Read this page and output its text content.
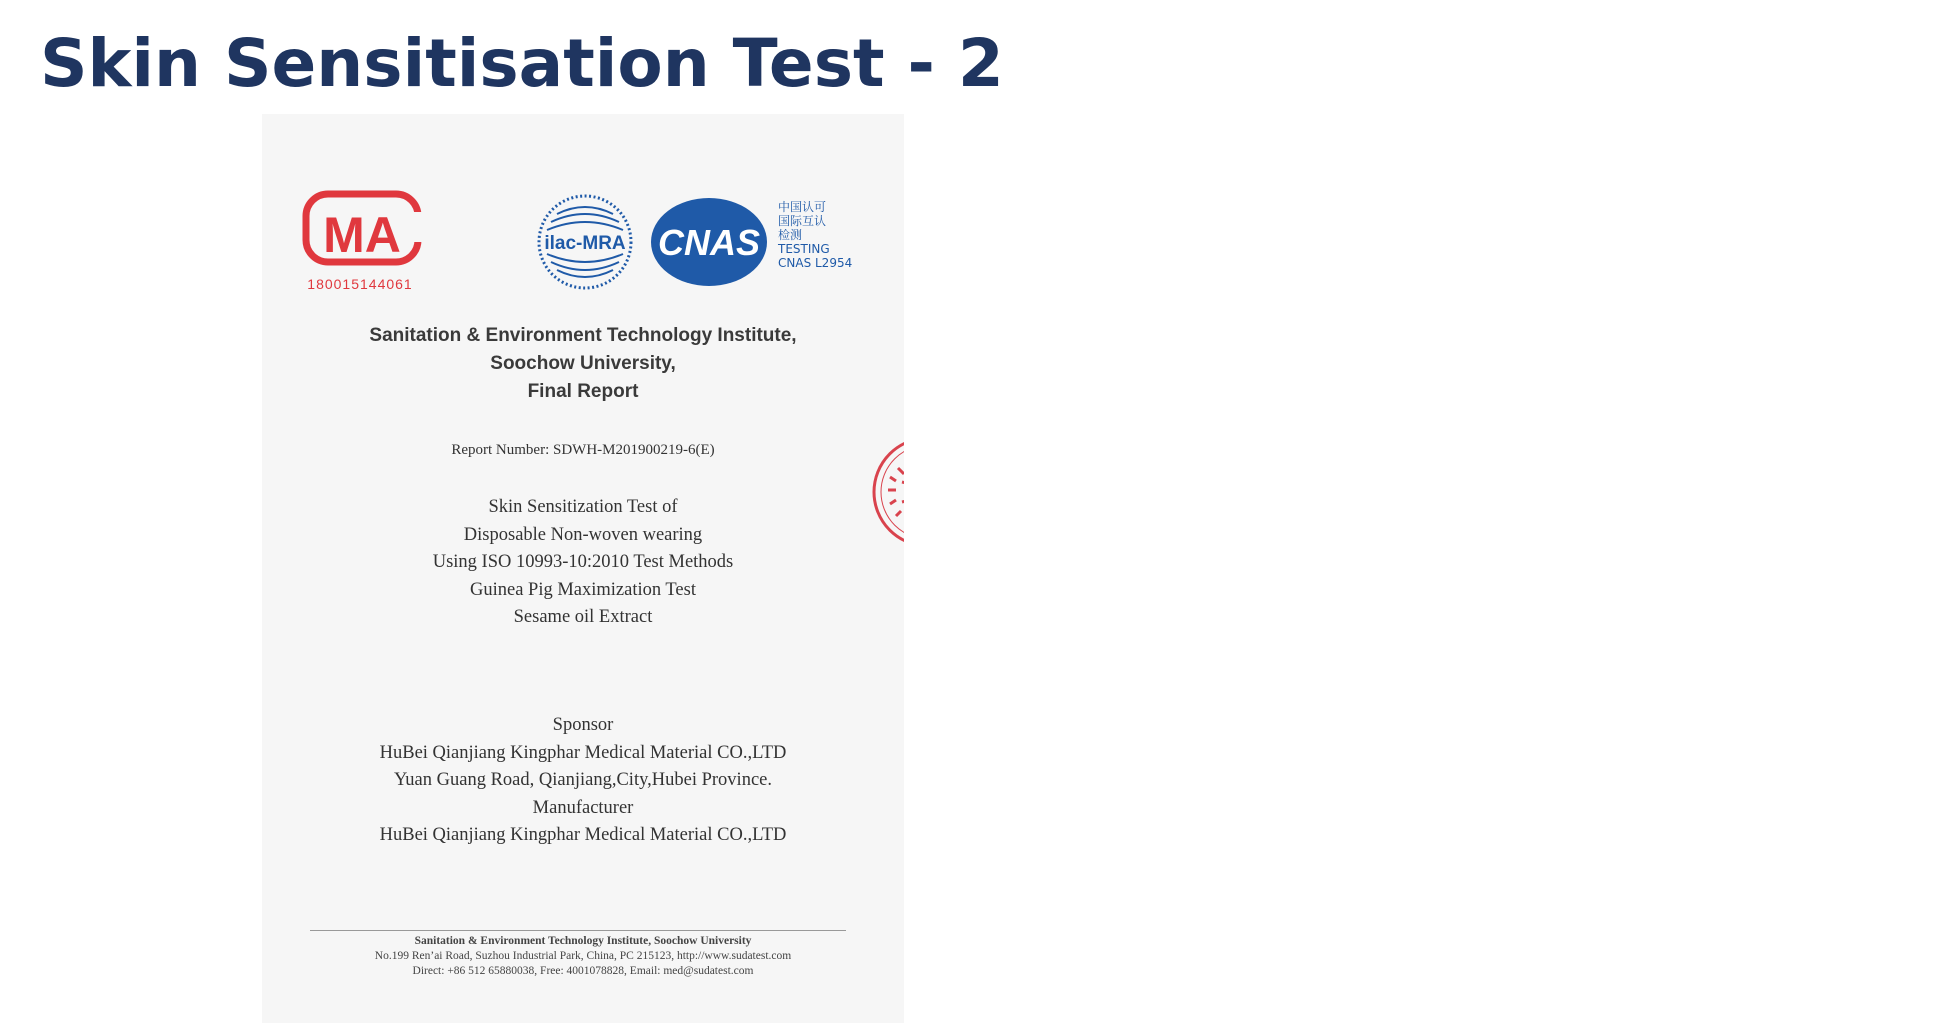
Skin Sensitisation Test - 2
MA
180015144061
ilac-MRA CNAS
中国认可
国际互认
检测
TESTING
CNAS L2954
Sanitation & Environment Technology Institute,
Soochow University,
Final Report
Report Number: SDWH-M201900219-6(E)
Skin Sensitization Test of
Disposable Non-woven wearing
Using ISO 10993-10:2010 Test Methods
Guinea Pig Maximization Test
Sesame oil Extract
Sponsor
HuBei Qianjiang Kingphar Medical Material CO.,LTD
Yuan Guang Road, Qianjiang,City,Hubei Province.
Manufacturer
HuBei Qianjiang Kingphar Medical Material CO.,LTD
Sanitation & Environment Technology Institute, Soochow University
No.199 Ren’ai Road, Suzhou Industrial Park, China, PC 215123, http://www.sudatest.com
Direct: +86 512 65880038, Free: 4001078828, Email: med@sudatest.com
